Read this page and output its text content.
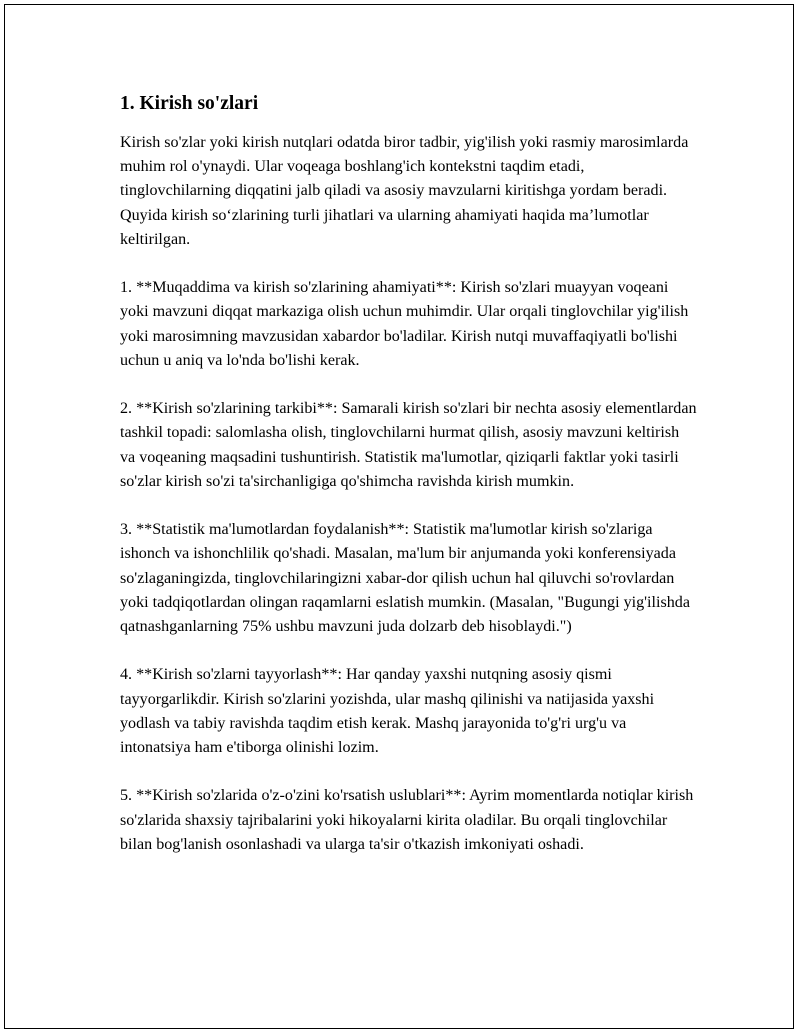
1. Kirish so'zlari

Kirish so'zlar yoki kirish nutqlari odatda biror tadbir, yig'ilish yoki rasmiy marosimlarda muhim rol o'ynaydi. Ular voqeaga boshlang'ich kontekstni taqdim etadi, tinglovchilarning diqqatini jalb qiladi va asosiy mavzularni kiritishga yordam beradi. Quyida kirish so‘zlarining turli jihatlari va ularning ahamiyati haqida ma’lumotlar keltirilgan.

1. **Muqaddima va kirish so'zlarining ahamiyati**: Kirish so'zlari muayyan voqeani yoki mavzuni diqqat markaziga olish uchun muhimdir. Ular orqali tinglovchilar yig'ilish yoki marosimning mavzusidan xabardor bo'ladilar. Kirish nutqi muvaffaqiyatli bo'lishi uchun u aniq va lo'nda bo'lishi kerak.

2. **Kirish so'zlarining tarkibi**: Samarali kirish so'zlari bir nechta asosiy elementlardan tashkil topadi: salomlasha olish, tinglovchilarni hurmat qilish, asosiy mavzuni keltirish va voqeaning maqsadini tushuntirish. Statistik ma'lumotlar, qiziqarli faktlar yoki tasirli so'zlar kirish so'zi ta'sirchanligiga qo'shimcha ravishda kirish mumkin.

3. **Statistik ma'lumotlardan foydalanish**: Statistik ma'lumotlar kirish so'zlariga ishonch va ishonchlilik qo'shadi. Masalan, ma'lum bir anjumanda yoki konferensiyada so'zlaganingizda, tinglovchilaringizni xabar-dor qilish uchun hal qiluvchi so'rovlardan yoki tadqiqotlardan olingan raqamlarni eslatish mumkin. (Masalan, "Bugungi yig'ilishda qatnashganlarning 75% ushbu mavzuni juda dolzarb deb hisoblaydi.")

4. **Kirish so'zlarni tayyorlash**: Har qanday yaxshi nutqning asosiy qismi tayyorgarlikdir. Kirish so'zlarini yozishda, ular mashq qilinishi va natijasida yaxshi yodlash va tabiy ravishda taqdim etish kerak. Mashq jarayonida to'g'ri urg'u va intonatsiya ham e'tiborga olinishi lozim.

5. **Kirish so'zlarida o'z-o'zini ko'rsatish uslublari**: Ayrim momentlarda notiqlar kirish so'zlarida shaxsiy tajribalarini yoki hikoyalarni kirita oladilar. Bu orqali tinglovchilar bilan bog'lanish osonlashadi va ularga ta'sir o'tkazish imkoniyati oshadi.
